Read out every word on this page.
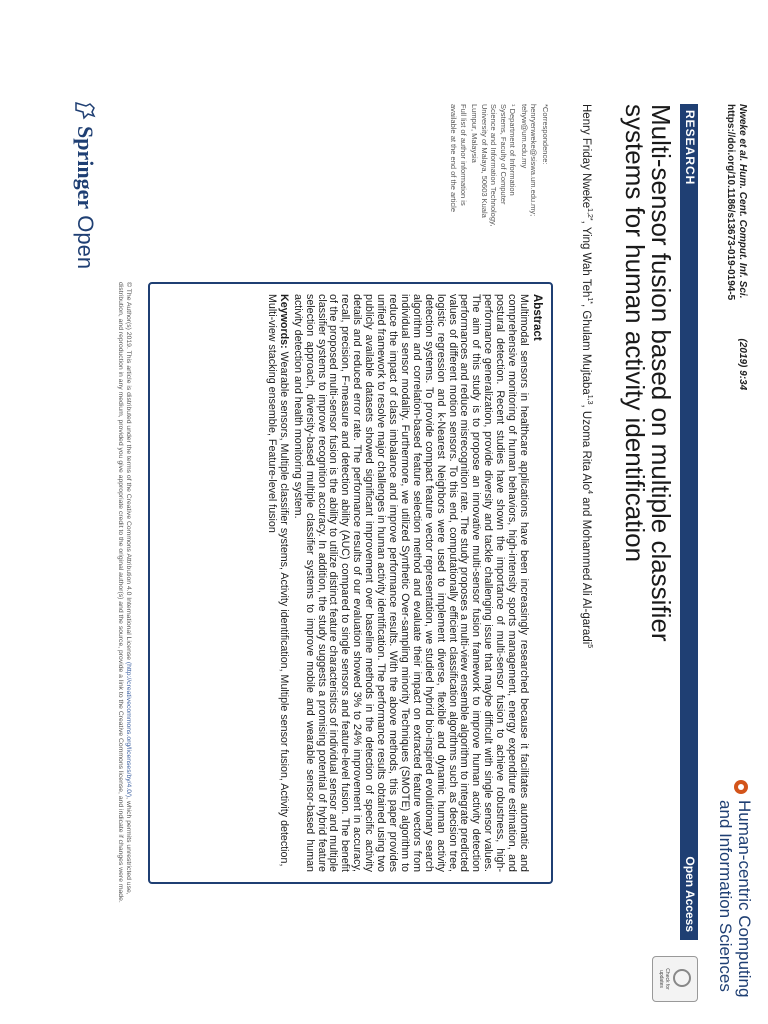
Nweke et al. Hum. Cent. Comput. Inf. Sci.(2019) 9:34
https://doi.org/10.1186/s13673-019-0194-5
Human-centric Computing and Information Sciences
RESEARCH
Open Access
Check for updates
Multi-sensor fusion based on multiple classifier systems for human activity identification
Henry Friday Nweke$^{1,2*}$, Ying Wah Teh$^{1*}$, Ghulam Mujtaba$^{1,3}$, Uzoma Rita Alo$^4$ and Mohammed Ali Al-garadi$^5$
*Correspondence:
henryenweke@siswa.um.edu.my; tehyw@um.edu.my
¹ Department of Information Systems, Faculty of Computer Science and Information Technology, University of Malaya, 50603 Kuala Lumpur, Malaysia
Full list of author information is available at the end of the article
Abstract
Multimodal sensors in healthcare applications have been increasingly researched because it facilitates automatic and comprehensive monitoring of human behaviors, high-intensity sports management, energy expenditure estimation, and postural detection. Recent studies have shown the importance of multi-sensor fusion to achieve robustness, high-performance generalization, provide diversity and tackle challenging issue that maybe difficult with single sensor values. The aim of this study is to propose an innovative multi-sensor fusion framework to improve human activity detection performances and reduce misrecognition rate. The study proposes a multi-view ensemble algorithm to integrate predicted values of different motion sensors. To this end, computationally efficient classification algorithms such as decision tree, logistic regression and k-Nearest Neighbors were used to implement diverse, flexible and dynamic human activity detection systems. To provide compact feature vector representation, we studied hybrid bio-inspired evolutionary search algorithm and correlation-based feature selection method and evaluate their impact on extracted feature vectors from individual sensor modality. Furthermore, we utilized Synthetic Over-sampling minority Techniques (SMOTE) algorithm to reduce the impact of class imbalance and improve performance results. With the above methods, this paper provides unified framework to resolve major challenges in human activity identification. The performance results obtained using two publicly available datasets showed significant improvement over baseline methods in the detection of specific activity details and reduced error rate. The performance results of our evaluation showed 3% to 24% improvement in accuracy, recall, precision, F-measure and detection ability (AUC) compared to single sensors and feature-level fusion. The benefit of the proposed multi-sensor fusion is the ability to utilize distinct feature characteristics of individual sensor and multiple classifier systems to improve recognition accuracy. In addition, the study suggests a promising potential of hybrid feature selection approach, diversity-based multiple classifier systems to improve mobile and wearable sensor-based human activity detection and health monitoring system.
Keywords: Wearable sensors, Multiple classifier systems, Activity identification, Multiple sensor fusion, Activity detection, Multi-view stacking ensemble, Feature-level fusion
© The Author(s) 2019. This article is distributed under the terms of the Creative Commons Attribution 4.0 International License (http://creativecommons.org/licenses/by/4.0/), which permits unrestricted use, distribution, and reproduction in any medium, provided you give appropriate credit to the original author(s) and the source, provide a link to the Creative Commons license, and indicate if changes were made.
Springer Open
